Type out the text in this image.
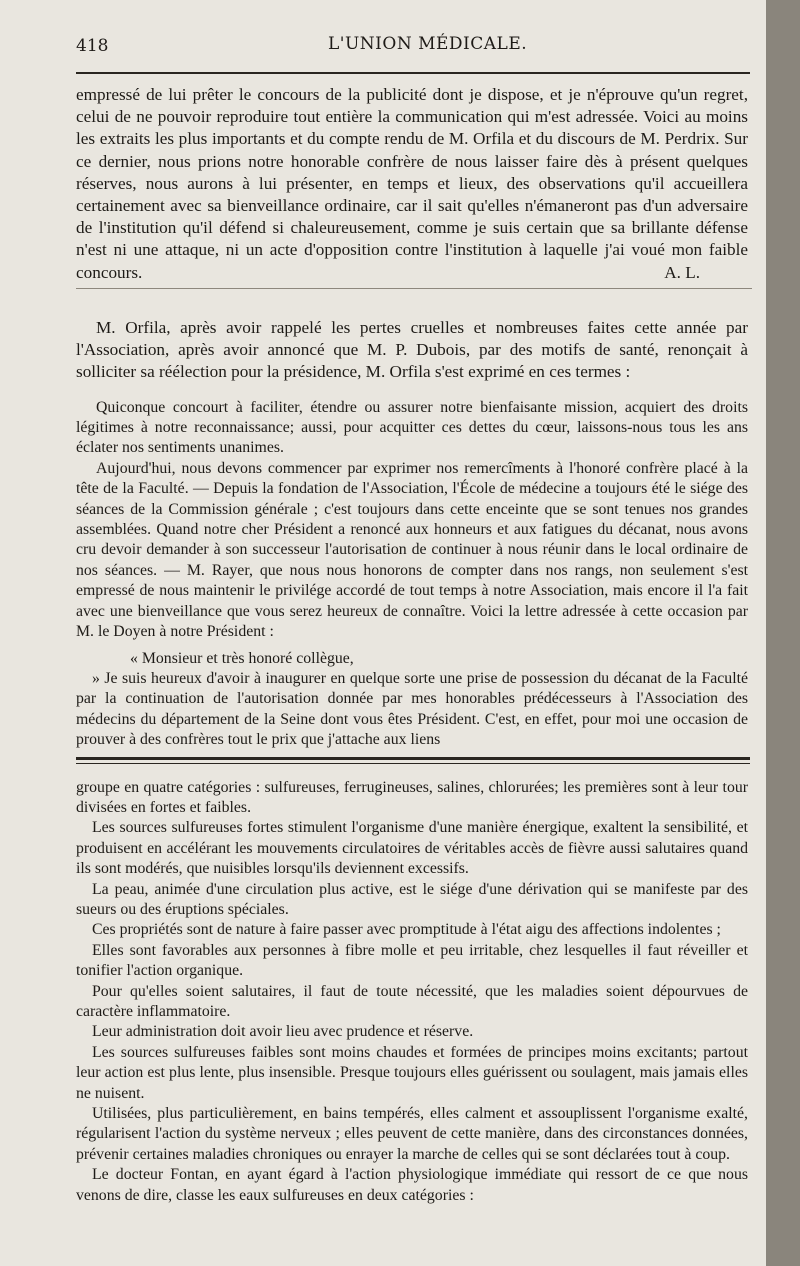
418	L'UNION MÉDICALE.

empressé de lui prêter le concours de la publicité dont je dispose, et je n'éprouve qu'un regret, celui de ne pouvoir reproduire tout entière la communication qui m'est adressée. Voici au moins les extraits les plus importants et du compte rendu de M. Orfila et du discours de M. Perdrix. Sur ce dernier, nous prions notre honorable confrère de nous laisser faire dès à présent quelques réserves, nous aurons à lui présenter, en temps et lieux, des observations qu'il accueillera certainement avec sa bienveillance ordinaire, car il sait qu'elles n'émaneront pas d'un adversaire de l'institution qu'il défend si chaleureusement, comme je suis certain que sa brillante défense n'est ni une attaque, ni un acte d'opposition contre l'institution à laquelle j'ai voué mon faible concours.	A. L.

M. Orfila, après avoir rappelé les pertes cruelles et nombreuses faites cette année par l'Association, après avoir annoncé que M. P. Dubois, par des motifs de santé, renonçait à solliciter sa réélection pour la présidence, M. Orfila s'est exprimé en ces termes :

Quiconque concourt à faciliter, étendre ou assurer notre bienfaisante mission, acquiert des droits légitimes à notre reconnaissance; aussi, pour acquitter ces dettes du cœur, laissons-nous tous les ans éclater nos sentiments unanimes.

Aujourd'hui, nous devons commencer par exprimer nos remercîments à l'honoré confrère placé à la tête de la Faculté. — Depuis la fondation de l'Association, l'École de médecine a toujours été le siége des séances de la Commission générale ; c'est toujours dans cette enceinte que se sont tenues nos grandes assemblées. Quand notre cher Président a renoncé aux honneurs et aux fatigues du décanat, nous avons cru devoir demander à son successeur l'autorisation de continuer à nous réunir dans le local ordinaire de nos séances. — M. Rayer, que nous nous honorons de compter dans nos rangs, non seulement s'est empressé de nous maintenir le privilége accordé de tout temps à notre Association, mais encore il l'a fait avec une bienveillance que vous serez heureux de connaître. Voici la lettre adressée à cette occasion par M. le Doyen à notre Président :

« Monsieur et très honoré collègue,

» Je suis heureux d'avoir à inaugurer en quelque sorte une prise de possession du décanat de la Faculté par la continuation de l'autorisation donnée par mes honorables prédécesseurs à l'Association des médecins du département de la Seine dont vous êtes Président. C'est, en effet, pour moi une occasion de prouver à des confrères tout le prix que j'attache aux liens

groupe en quatre catégories : sulfureuses, ferrugineuses, salines, chlorurées; les premières sont à leur tour divisées en fortes et faibles.

Les sources sulfureuses fortes stimulent l'organisme d'une manière énergique, exaltent la sensibilité, et produisent en accélérant les mouvements circulatoires de véritables accès de fièvre aussi salutaires quand ils sont modérés, que nuisibles lorsqu'ils deviennent excessifs.

La peau, animée d'une circulation plus active, est le siége d'une dérivation qui se manifeste par des sueurs ou des éruptions spéciales.

Ces propriétés sont de nature à faire passer avec promptitude à l'état aigu des affections indolentes ;

Elles sont favorables aux personnes à fibre molle et peu irritable, chez lesquelles il faut réveiller et tonifier l'action organique.

Pour qu'elles soient salutaires, il faut de toute nécessité, que les maladies soient dépourvues de caractère inflammatoire.

Leur administration doit avoir lieu avec prudence et réserve.

Les sources sulfureuses faibles sont moins chaudes et formées de principes moins excitants; partout leur action est plus lente, plus insensible. Presque toujours elles guérissent ou soulagent, mais jamais elles ne nuisent.

Utilisées, plus particulièrement, en bains tempérés, elles calment et assouplissent l'organisme exalté, régularisent l'action du système nerveux ; elles peuvent de cette manière, dans des circonstances données, prévenir certaines maladies chroniques ou enrayer la marche de celles qui se sont déclarées tout à coup.

Le docteur Fontan, en ayant égard à l'action physiologique immédiate qui ressort de ce que nous venons de dire, classe les eaux sulfureuses en deux catégories :
